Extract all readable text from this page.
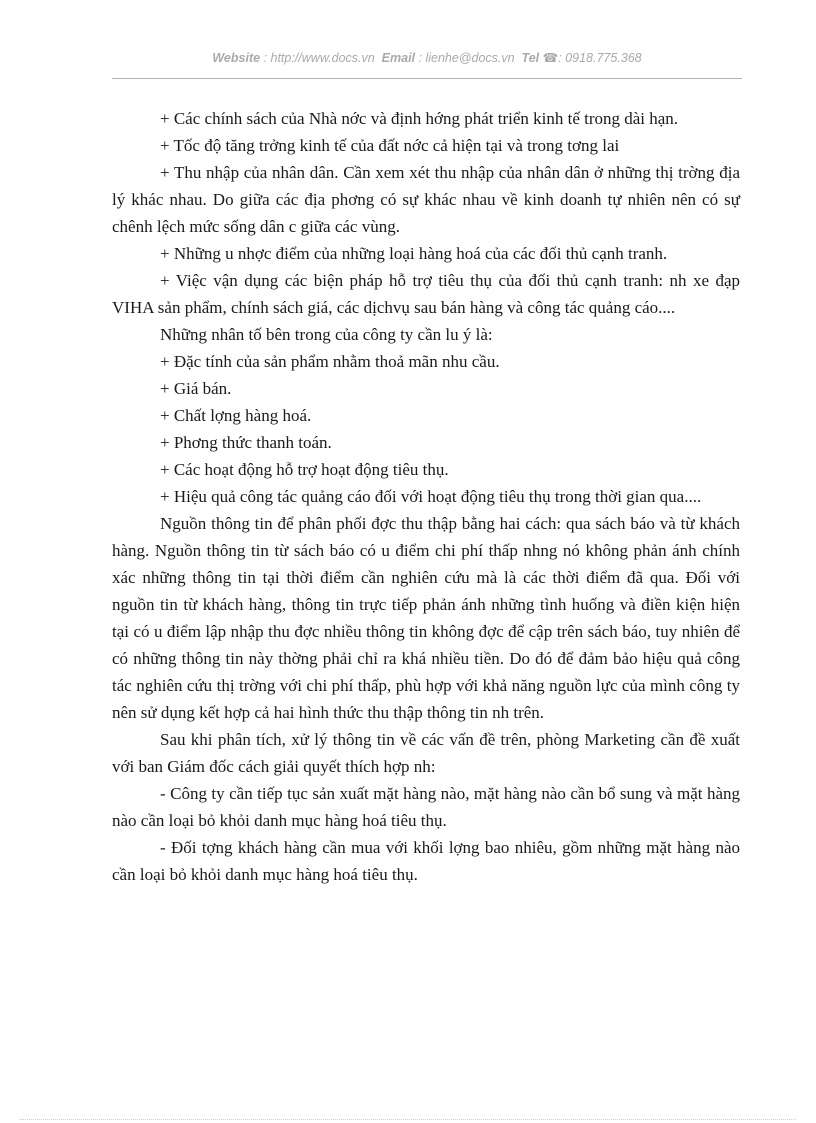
Website : http://www.docs.vn Email : lienhe@docs.vn Tel ☎: 0918.775.368

+ Các chính sách của Nhà nớc và định hớng phát triển kinh tế trong dài hạn.

+ Tốc độ tăng trởng kinh tế của đất nớc cả hiện tại và trong tơng lai

+ Thu nhập của nhân dân. Cần xem xét thu nhập của nhân dân ở những thị trờng địa lý khác nhau. Do giữa các địa phơng có sự khác nhau về kinh doanh tự nhiên nên có sự chênh lệch mức sống dân c giữa các vùng.

+ Những u nhợc điểm của những loại hàng hoá của các đối thủ cạnh tranh.

+ Việc vận dụng các biện pháp hỗ trợ tiêu thụ của đối thủ cạnh tranh: nh xe đạp VIHA sản phẩm, chính sách giá, các dịchvụ sau bán hàng và công tác quảng cáo....

Những nhân tố bên trong của công ty cần lu ý là:

+ Đặc tính của sản phẩm nhằm thoả mãn nhu cầu.

+ Giá bán.

+ Chất lợng hàng hoá.

+ Phơng thức thanh toán.

+ Các hoạt động hỗ trợ hoạt động tiêu thụ.

+ Hiệu quả công tác quảng cáo đối với hoạt động tiêu thụ trong thời gian qua....

Nguồn thông tin để phân phối đợc thu thập bằng hai cách: qua sách báo và từ khách hàng. Nguồn thông tin từ sách báo có u điểm chi phí thấp nhng nó không phản ánh chính xác những thông tin tại thời điểm cần nghiên cứu mà là các thời điểm đã qua. Đối với nguồn tin từ khách hàng, thông tin trực tiếp phản ánh những tình huống và điền kiện hiện tại có u điểm lập nhập thu đợc nhiều thông tin không đợc để cập trên sách báo, tuy nhiên để có những thông tin này thờng phải chỉ ra khá nhiều tiền. Do đó để đảm bảo hiệu quả công tác nghiên cứu thị trờng với chi phí thấp, phù hợp với khả năng nguồn lực của mình công ty nên sử dụng kết hợp cả hai hình thức thu thập thông tin nh trên.

Sau khi phân tích, xử lý thông tin về các vấn đề trên, phòng Marketing cần đề xuất với ban Giám đốc cách giải quyết thích hợp nh:

- Công ty cần tiếp tục sản xuất mặt hàng nào, mặt hàng nào cần bổ sung và mặt hàng nào cần loại bỏ khỏi danh mục hàng hoá tiêu thụ.

- Đối tợng khách hàng cần mua với khối lợng bao nhiêu, gồm những mặt hàng nào cần loại bỏ khỏi danh mục hàng hoá tiêu thụ.
